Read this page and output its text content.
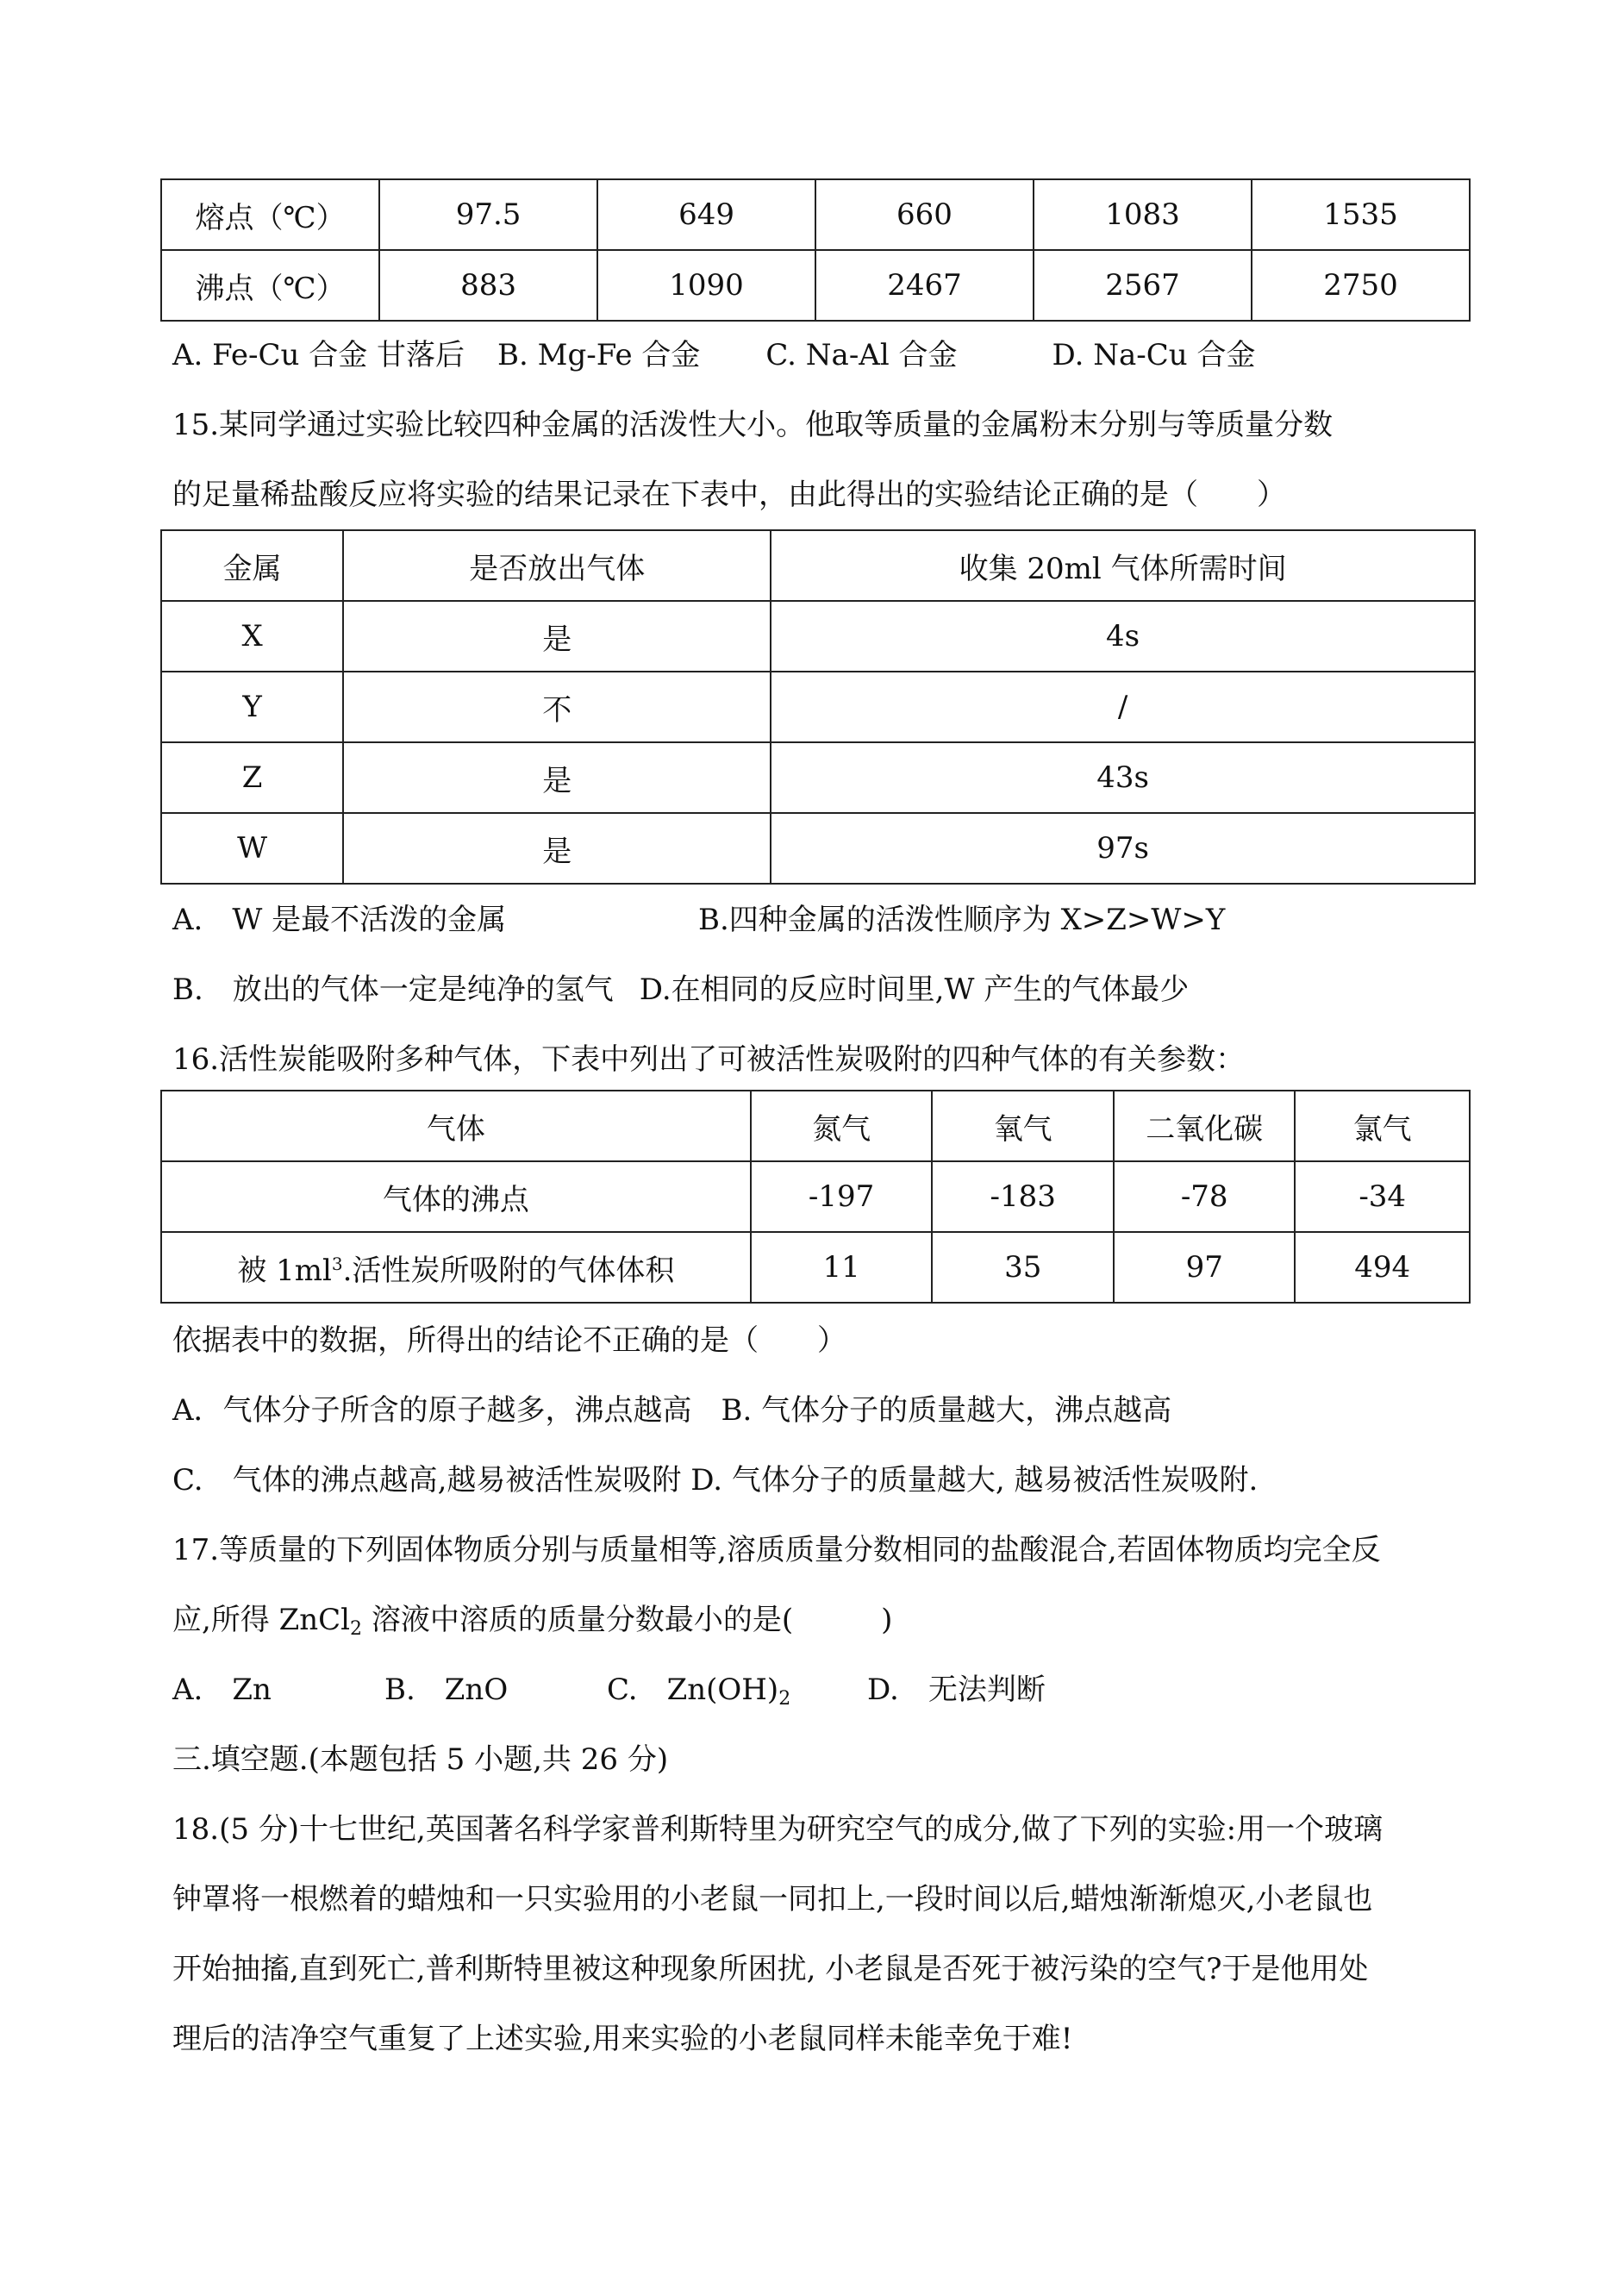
熔点（℃）	97.5	649	660	1083	1535
沸点（℃）	883	1090	2467	2567	2750
A. Fe-Cu 合金 甘落后 B. Mg-Fe 合金 C. Na-Al 合金	D. Na-Cu 合金
15.某同学通过实验比较四种金属的活泼性大小。他取等质量的金属粉末分别与等质量分数
的足量稀盐酸反应将实验的结果记录在下表中，由此得出的实验结论正确的是（　　）
金属	是否放出气体	收集 20ml 气体所需时间
X	是	4s
Y	不	/
Z	是	43s
W	是	97s
A.　W 是最不活泼的金属	B.四种金属的活泼性顺序为 X>Z>W>Y
B.　放出的气体一定是纯净的氢气 D.在相同的反应时间里,W 产生的气体最少
16.活性炭能吸附多种气体，下表中列出了可被活性炭吸附的四种气体的有关参数：
气体	氮气	氧气	二氧化碳	氯气
气体的沸点	-197	-183	-78	-34
被 $1ml^3$.活性炭所吸附的气体体积	11	35	97	494
依据表中的数据，所得出的结论不正确的是（　　）
A．气体分子所含的原子越多，沸点越高　B. 气体分子的质量越大，沸点越高
C.　气体的沸点越高,越易被活性炭吸附 D. 气体分子的质量越大, 越易被活性炭吸附.
17.等质量的下列固体物质分别与质量相等,溶质质量分数相同的盐酸混合,若固体物质均完全反
应,所得 ZnCl$_2$ 溶液中溶质的质量分数最小的是(　　　)
A.　Zn	B.　ZnO	C.　$Zn(OH)_2$	D.　无法判断
三.填空题.(本题包括 5 小题,共 26 分)
18.(5 分)十七世纪,英国著名科学家普利斯特里为研究空气的成分,做了下列的实验:用一个玻璃
钟罩将一根燃着的蜡烛和一只实验用的小老鼠一同扣上,一段时间以后,蜡烛渐渐熄灭,小老鼠也
开始抽搐,直到死亡,普利斯特里被这种现象所困扰, 小老鼠是否死于被污染的空气?于是他用处
理后的洁净空气重复了上述实验,用来实验的小老鼠同样未能幸免于难!
